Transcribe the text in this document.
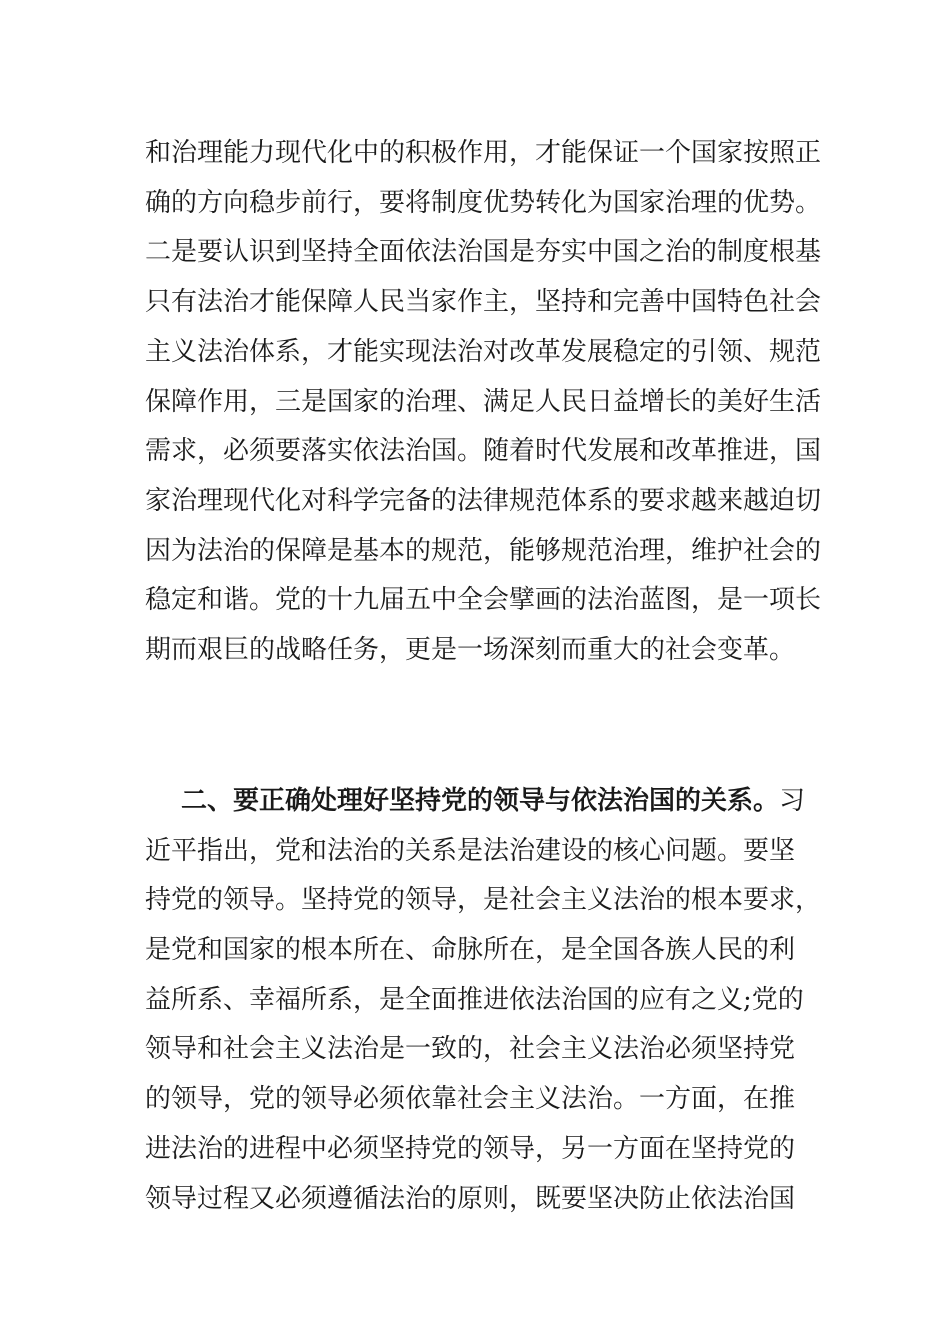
和治理能力现代化中的积极作用，才能保证一个国家按照正
确的方向稳步前行，要将制度优势转化为国家治理的优势。
二是要认识到坚持全面依法治国是夯实中国之治的制度根基
只有法治才能保障人民当家作主，坚持和完善中国特色社会
主义法治体系，才能实现法治对改革发展稳定的引领、规范
保障作用，三是国家的治理、满足人民日益增长的美好生活
需求，必须要落实依法治国。随着时代发展和改革推进，国
家治理现代化对科学完备的法律规范体系的要求越来越迫切
因为法治的保障是基本的规范，能够规范治理，维护社会的
稳定和谐。党的十九届五中全会擘画的法治蓝图，是一项长
期而艰巨的战略任务，更是一场深刻而重大的社会变革。
二、要正确处理好坚持党的领导与依法治国的关系。习
近平指出，党和法治的关系是法治建设的核心问题。要坚
持党的领导。坚持党的领导，是社会主义法治的根本要求，
是党和国家的根本所在、命脉所在，是全国各族人民的利
益所系、幸福所系，是全面推进依法治国的应有之义;党的
领导和社会主义法治是一致的，社会主义法治必须坚持党
的领导，党的领导必须依靠社会主义法治。一方面，在推
进法治的进程中必须坚持党的领导，另一方面在坚持党的
领导过程又必须遵循法治的原则，既要坚决防止依法治国
